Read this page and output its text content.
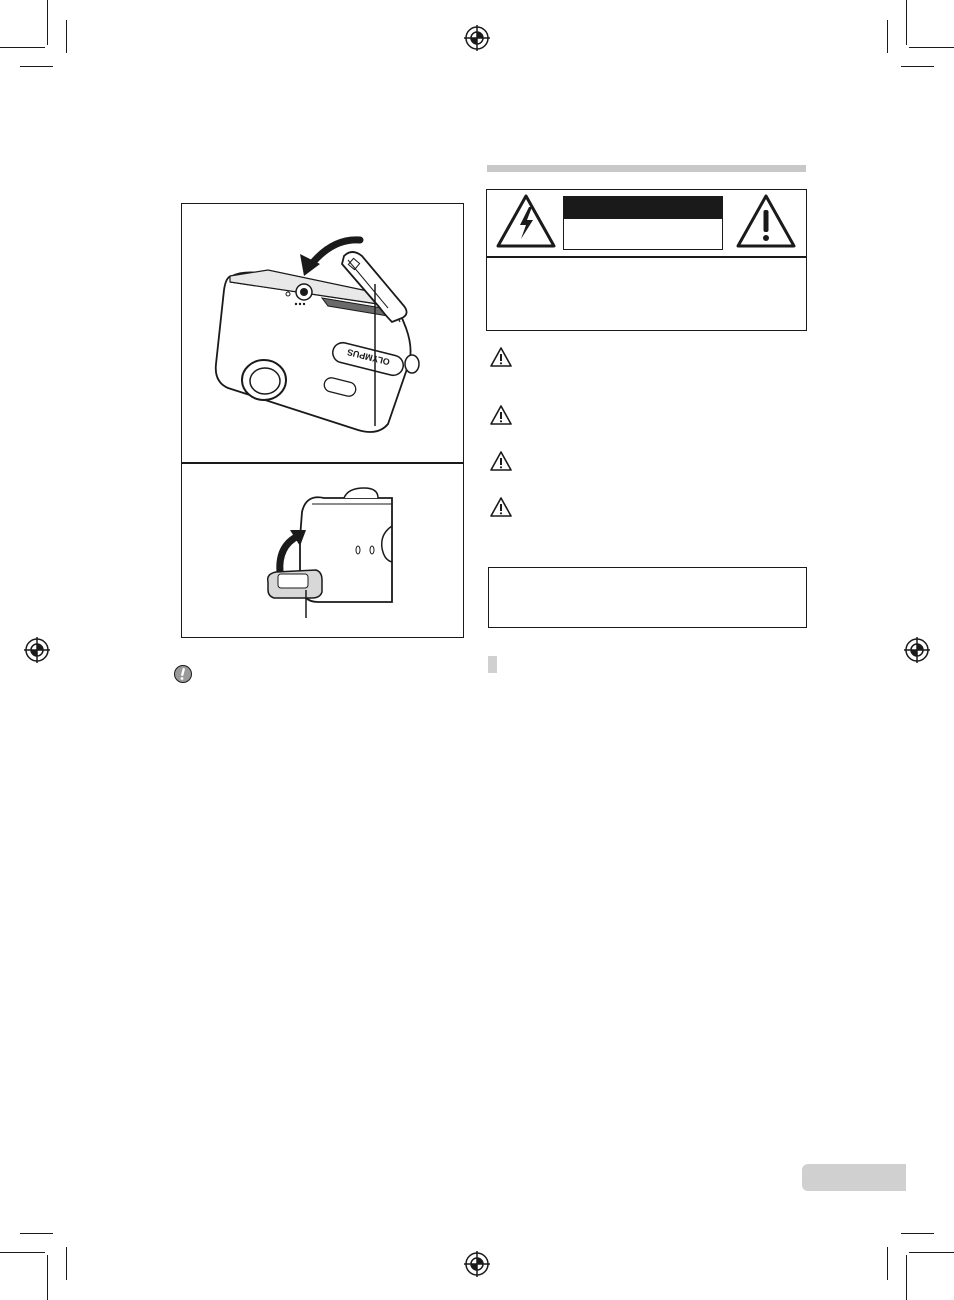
OLYMPUS
